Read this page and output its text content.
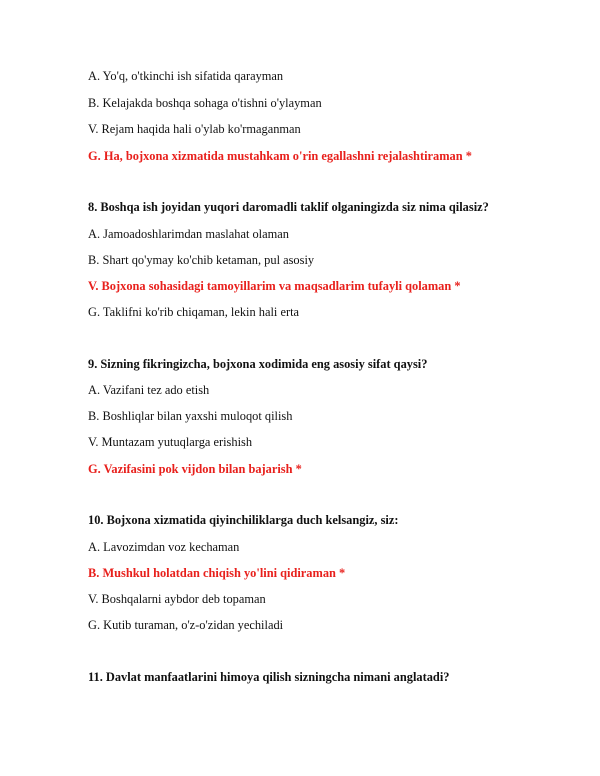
A. Yo'q, o'tkinchi ish sifatida qarayman
B. Kelajakda boshqa sohaga o'tishni o'ylayman
V. Rejam haqida hali o'ylab ko'rmaganman
G. Ha, bojxona xizmatida mustahkam o'rin egallashni rejalashtiraman *
8. Boshqa ish joyidan yuqori daromadli taklif olganingizda siz nima qilasiz?
A. Jamoadoshlarimdan maslahat olaman
B. Shart qo'ymay ko'chib ketaman, pul asosiy
V. Bojxona sohasidagi tamoyillarim va maqsadlarim tufayli qolaman *
G. Taklifni ko'rib chiqaman, lekin hali erta
9. Sizning fikringizcha, bojxona xodimida eng asosiy sifat qaysi?
A. Vazifani tez ado etish
B. Boshliqlar bilan yaxshi muloqot qilish
V. Muntazam yutuqlarga erishish
G. Vazifasini pok vijdon bilan bajarish *
10. Bojxona xizmatida qiyinchiliklarga duch kelsangiz, siz:
A. Lavozimdan voz kechaman
B. Mushkul holatdan chiqish yo'lini qidiraman *
V. Boshqalarni aybdor deb topaman
G. Kutib turaman, o'z-o'zidan yechiladi
11. Davlat manfaatlarini himoya qilish sizningcha nimani anglatadi?
